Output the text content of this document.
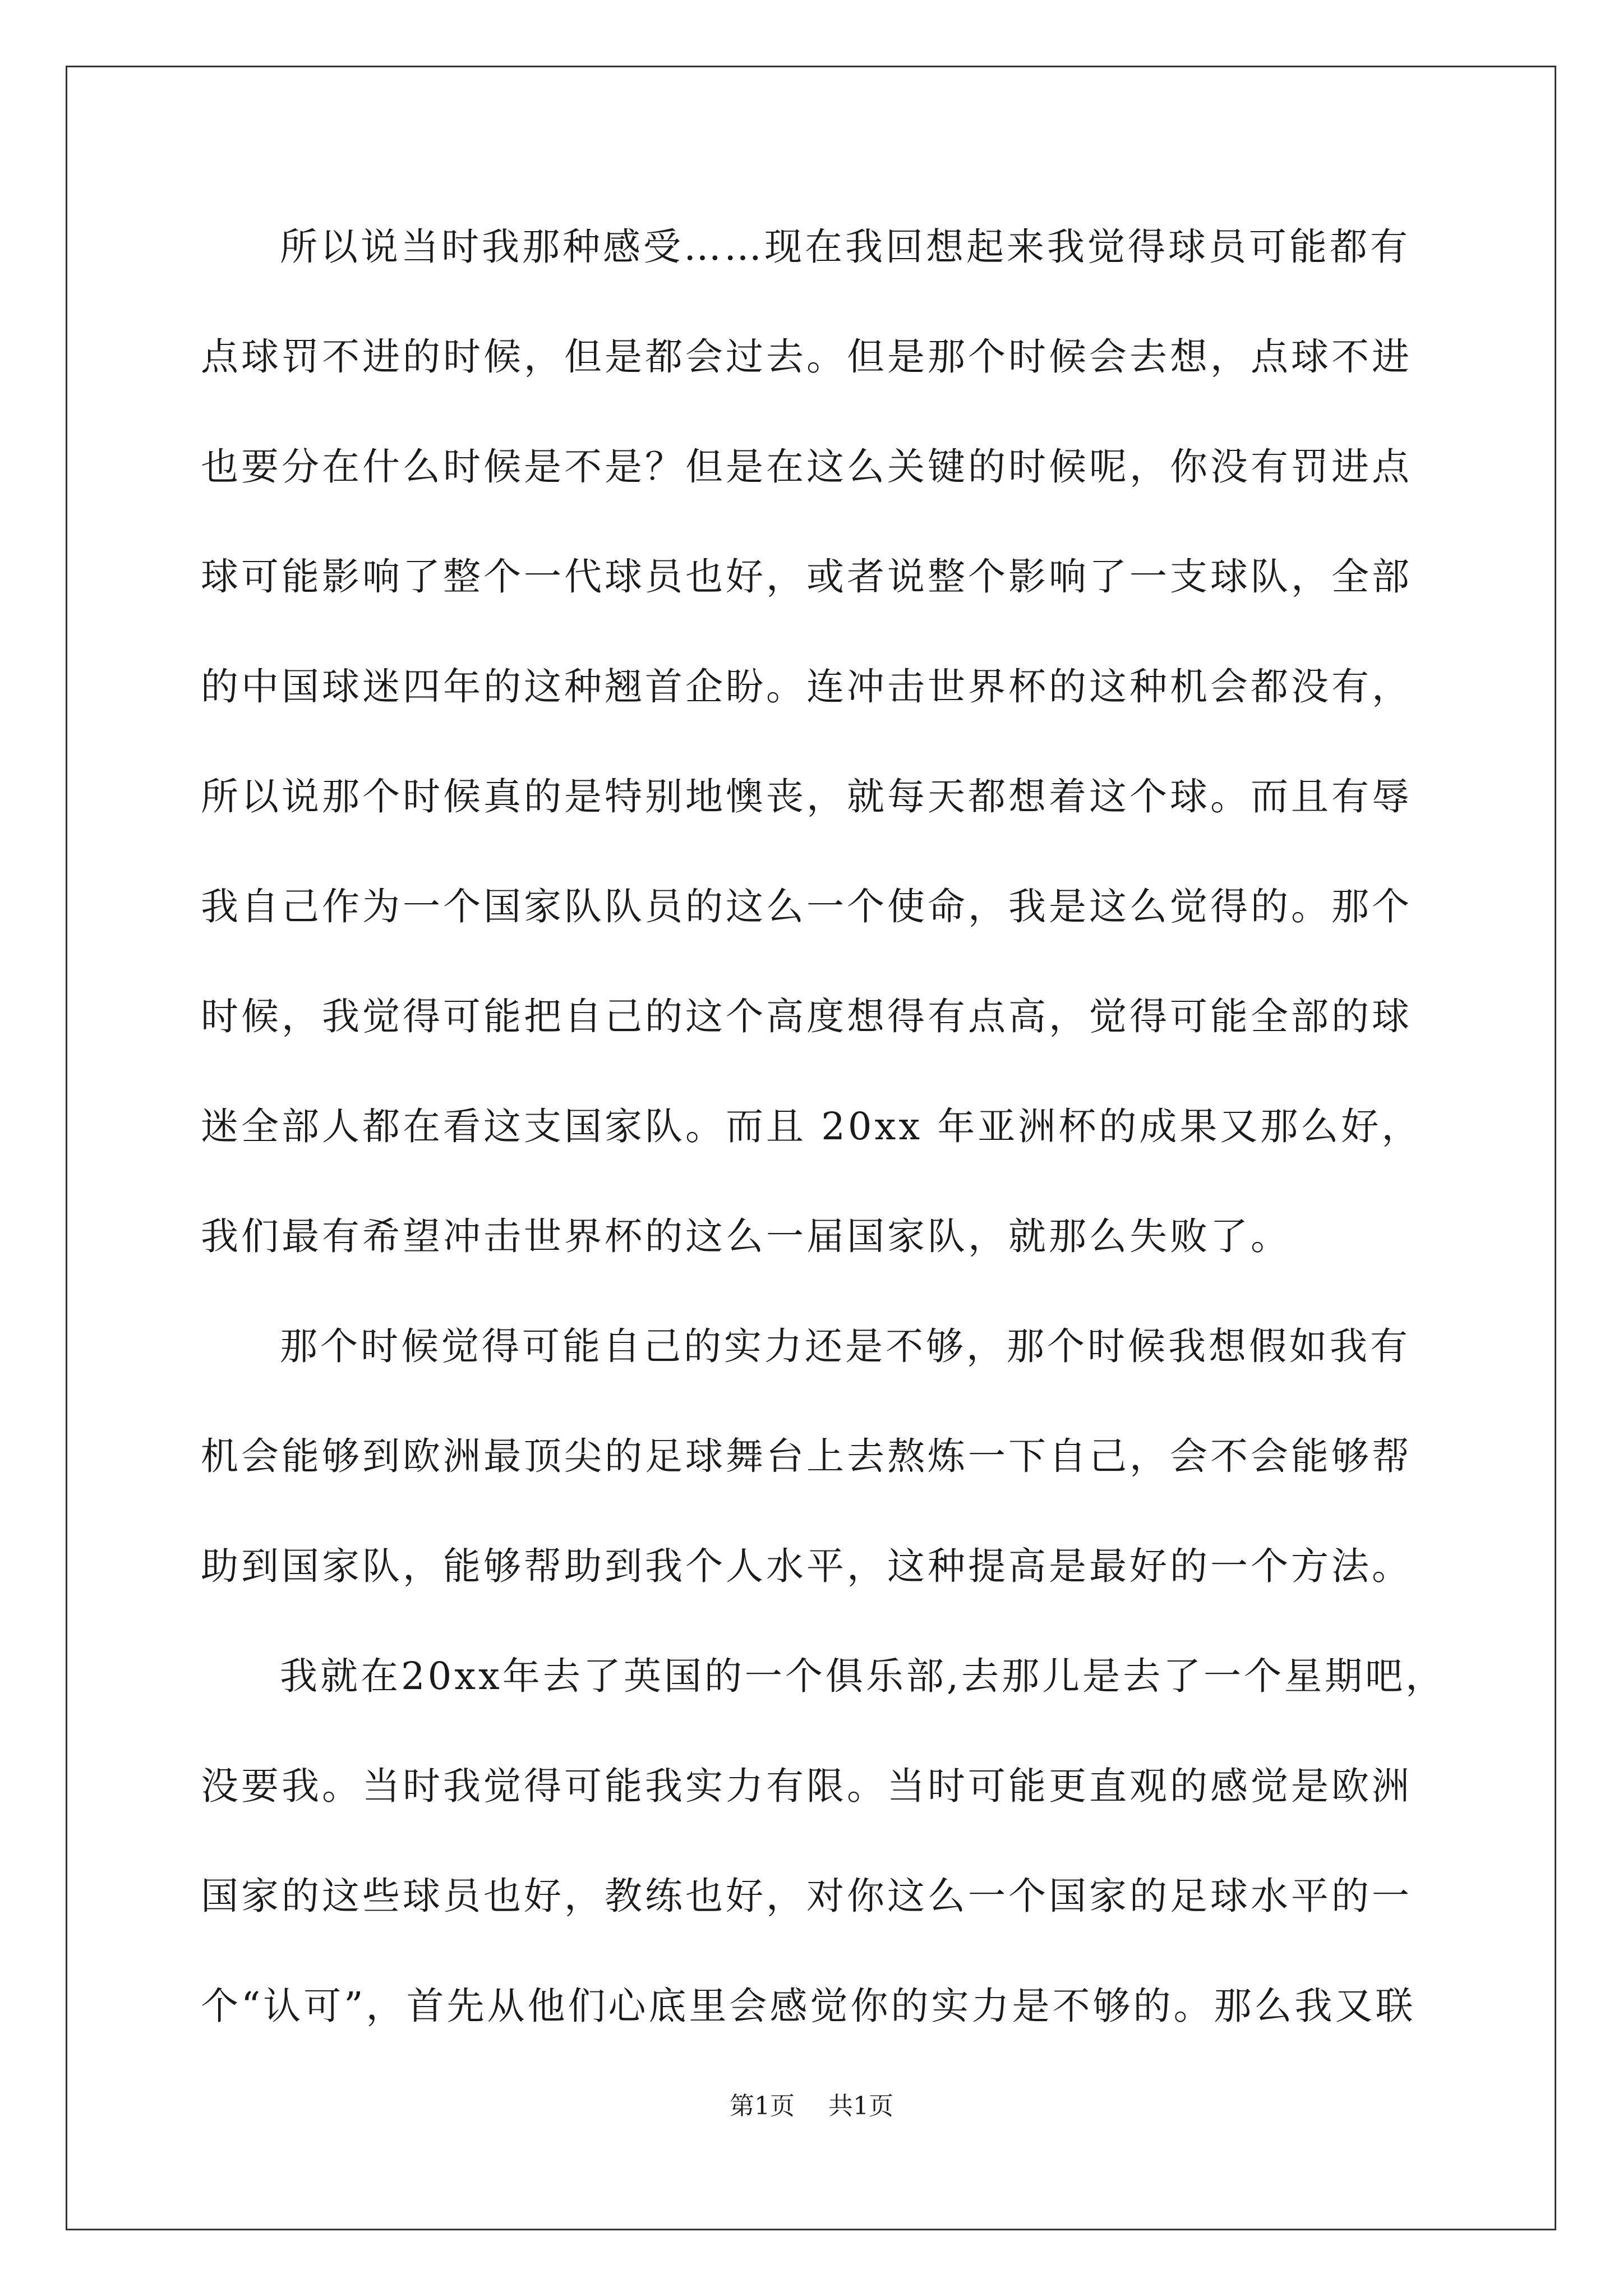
所以说当时我那种感受……现在我回想起来我觉得球员可能都有
点球罚不进的时候，但是都会过去。但是那个时候会去想，点球不进
也要分在什么时候是不是？但是在这么关键的时候呢，你没有罚进点
球可能影响了整个一代球员也好，或者说整个影响了一支球队，全部
的中国球迷四年的这种翘首企盼。连冲击世界杯的这种机会都没有，
所以说那个时候真的是特别地懊丧，就每天都想着这个球。而且有辱
我自己作为一个国家队队员的这么一个使命，我是这么觉得的。那个
时候，我觉得可能把自己的这个高度想得有点高，觉得可能全部的球
迷全部人都在看这支国家队。而且 20xx 年亚洲杯的成果又那么好，
我们最有希望冲击世界杯的这么一届国家队，就那么失败了。
那个时候觉得可能自己的实力还是不够，那个时候我想假如我有
机会能够到欧洲最顶尖的足球舞台上去熬炼一下自己，会不会能够帮
助到国家队，能够帮助到我个人水平，这种提高是最好的一个方法。
我就在20xx年去了英国的一个俱乐部,去那儿是去了一个星期吧，
没要我。当时我觉得可能我实力有限。当时可能更直观的感觉是欧洲
国家的这些球员也好，教练也好，对你这么一个国家的足球水平的一
个“认可”，首先从他们心底里会感觉你的实力是不够的。那么我又联
第1页 共1页
